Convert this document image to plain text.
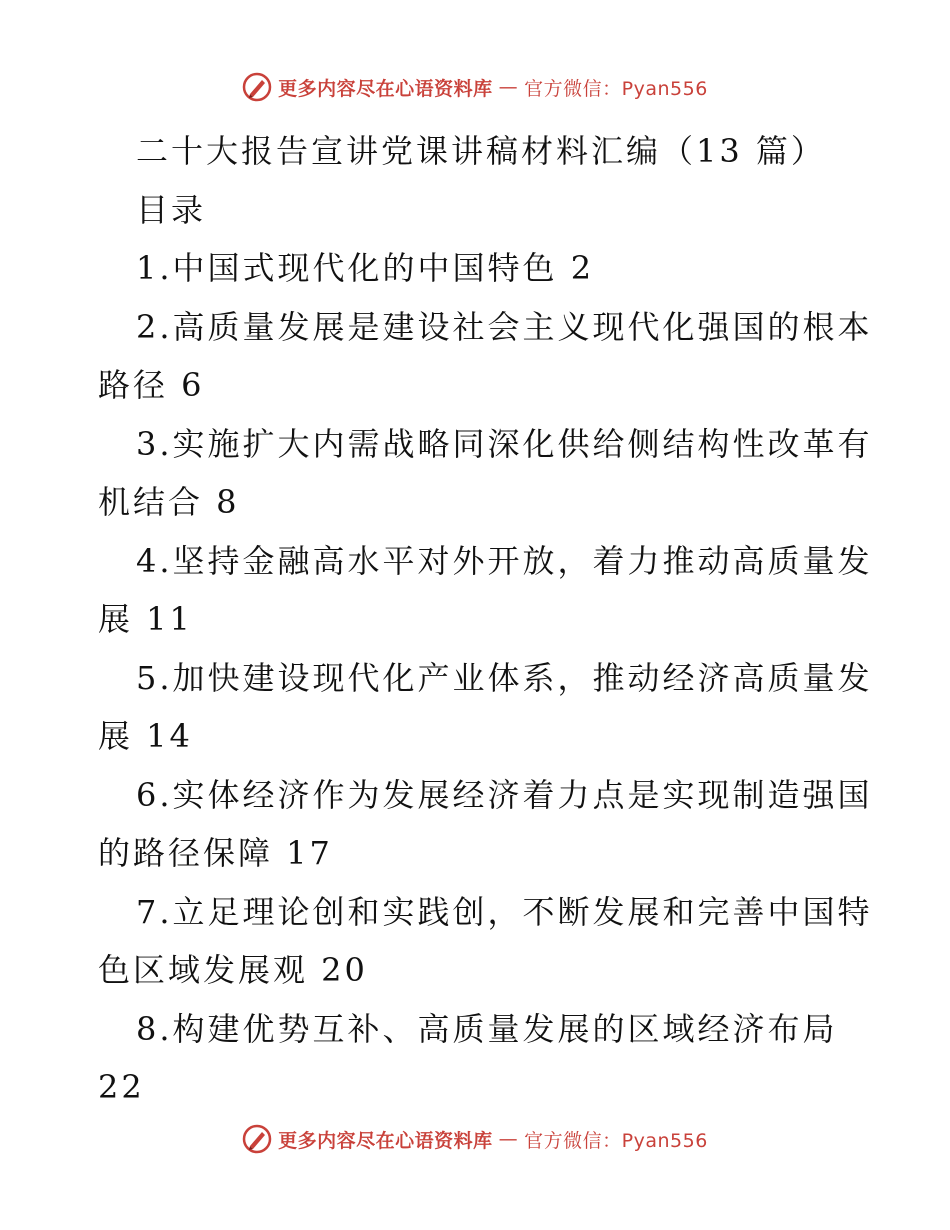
更多内容尽在心语资料库 — 官方微信：Pyan556
二十大报告宣讲党课讲稿材料汇编（13 篇）
目录
1.中国式现代化的中国特色 2
2.高质量发展是建设社会主义现代化强国的根本
路径 6
3.实施扩大内需战略同深化供给侧结构性改革有
机结合 8
4.坚持金融高水平对外开放，着力推动高质量发
展 11
5.加快建设现代化产业体系，推动经济高质量发
展 14
6.实体经济作为发展经济着力点是实现制造强国
的路径保障 17
7.立足理论创和实践创，不断发展和完善中国特
色区域发展观 20
8.构建优势互补、高质量发展的区域经济布局
22
更多内容尽在心语资料库 — 官方微信：Pyan556
